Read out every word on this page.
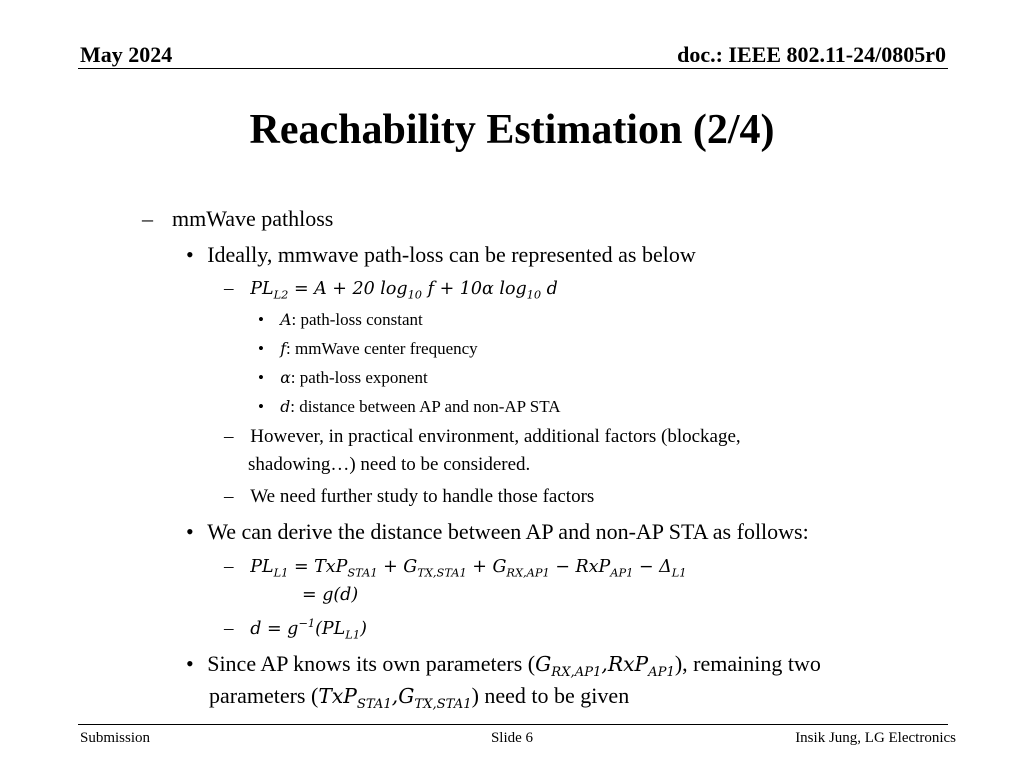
May 2024	doc.: IEEE 802.11-24/0805r0
Reachability Estimation (2/4)
– mmWave pathloss
• Ideally, mmwave path-loss can be represented as below
– $PL_{L2} = A + 20$ $\log_{10} f + 10\alpha$ $\log_{10} d$
• A: path-loss constant
• f: mmWave center frequency
• α: path-loss exponent
• d: distance between AP and non-AP STA
– However, in practical environment, additional factors (blockage,
shadowing…) need to be considered.
– We need further study to handle those factors
• We can derive the distance between AP and non-AP STA as follows:
– $PL_{L1} = TxP_{STA1} + G_{TX,STA1} + G_{RX,AP1} - RxP_{AP1} - \Delta_{L1}$
= g(d)
– $d = g^{-1}(PL_{L1})$
• Since AP knows its own parameters $(G_{RX,AP1},RxP_{AP1})$, remaining two
parameters $(TxP_{STA1},G_{TX,STA1})$ need to be given
Submission	Slide 6	Insik Jung, LG Electronics
